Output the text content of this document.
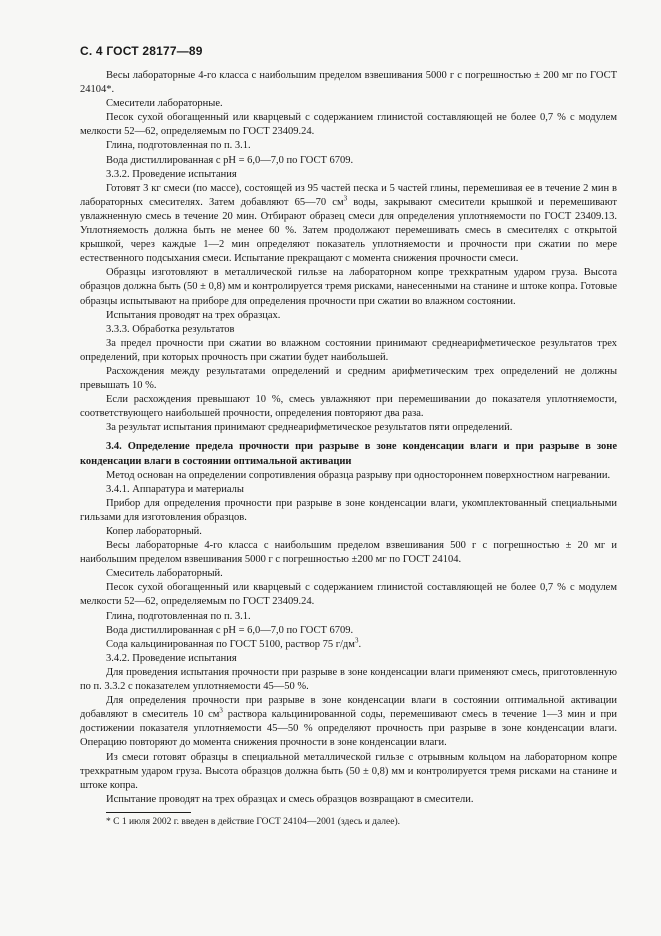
С. 4 ГОСТ 28177—89

Весы лабораторные 4-го класса с наибольшим пределом взвешивания 5000 г с погрешностью ± 200 мг по ГОСТ 24104*.

Смесители лабораторные.

Песок сухой обогащенный или кварцевый с содержанием глинистой составляющей не более 0,7 % с модулем мелкости 52—62, определяемым по ГОСТ 23409.24.

Глина, подготовленная по п. 3.1.

Вода дистиллированная с pH = 6,0—7,0 по ГОСТ 6709.

3.3.2. Проведение испытания

Готовят 3 кг смеси (по массе), состоящей из 95 частей песка и 5 частей глины, перемешивая ее в течение 2 мин в лабораторных смесителях. Затем добавляют 65—70 $см^3$ воды, закрывают смесители крышкой и перемешивают увлажненную смесь в течение 20 мин. Отбирают образец смеси для определения уплотняемости по ГОСТ 23409.13. Уплотняемость должна быть не менее 60 %. Затем продолжают перемешивать смесь в смесителях с открытой крышкой, через каждые 1—2 мин определяют показатель уплотняемости и прочности при сжатии по мере естественного подсыхания смеси. Испытание прекращают с момента снижения прочности смеси.

Образцы изготовляют в металлической гильзе на лабораторном копре трехкратным ударом груза. Высота образцов должна быть (50 ± 0,8) мм и контролируется тремя рисками, нанесенными на станине и штоке копра. Готовые образцы испытывают на приборе для определения прочности при сжатии во влажном состоянии.

Испытания проводят на трех образцах.

3.3.3. Обработка результатов

За предел прочности при сжатии во влажном состоянии принимают среднеарифметическое результатов трех определений, при которых прочность при сжатии будет наибольшей.

Расхождения между результатами определений и средним арифметическим трех определений не должны превышать 10 %.

Если расхождения превышают 10 %, смесь увлажняют при перемешивании до показателя уплотняемости, соответствующего наибольшей прочности, определения повторяют два раза.

За результат испытания принимают среднеарифметическое результатов пяти определений.

3.4. Определение предела прочности при разрыве в зоне конденсации влаги и при разрыве в зоне конденсации влаги в состоянии оптимальной активации

Метод основан на определении сопротивления образца разрыву при одностороннем поверхностном нагревании.

3.4.1. Аппаратура и материалы

Прибор для определения прочности при разрыве в зоне конденсации влаги, укомплектованный специальными гильзами для изготовления образцов.

Копер лабораторный.

Весы лабораторные 4-го класса с наибольшим пределом взвешивания 500 г с погрешностью ± 20 мг и наибольшим пределом взвешивания 5000 г с погрешностью ±200 мг по ГОСТ 24104.

Смеситель лабораторный.

Песок сухой обогащенный или кварцевый с содержанием глинистой составляющей не более 0,7 % с модулем мелкости 52—62, определяемым по ГОСТ 23409.24.

Глина, подготовленная по п. 3.1.

Вода дистиллированная с pH = 6,0—7,0 по ГОСТ 6709.

Сода кальцинированная по ГОСТ 5100, раствор 75 $г/дм^3$.

3.4.2. Проведение испытания

Для проведения испытания прочности при разрыве в зоне конденсации влаги применяют смесь, приготовленную по п. 3.3.2 с показателем уплотняемости 45—50 %.

Для определения прочности при разрыве в зоне конденсации влаги в состоянии оптимальной активации добавляют в смеситель 10 $см^3$ раствора кальцинированной соды, перемешивают смесь в течение 1—3 мин и при достижении показателя уплотняемости 45—50 % определяют прочность при разрыве в зоне конденсации влаги. Операцию повторяют до момента снижения прочности в зоне конденсации влаги.

Из смеси готовят образцы в специальной металлической гильзе с отрывным кольцом на лабораторном копре трехкратным ударом груза. Высота образцов должна быть (50 ± 0,8) мм и контролируется тремя рисками на станине и штоке копра.

Испытание проводят на трех образцах и смесь образцов возвращают в смесители.

* С 1 июля 2002 г. введен в действие ГОСТ 24104—2001 (здесь и далее).
